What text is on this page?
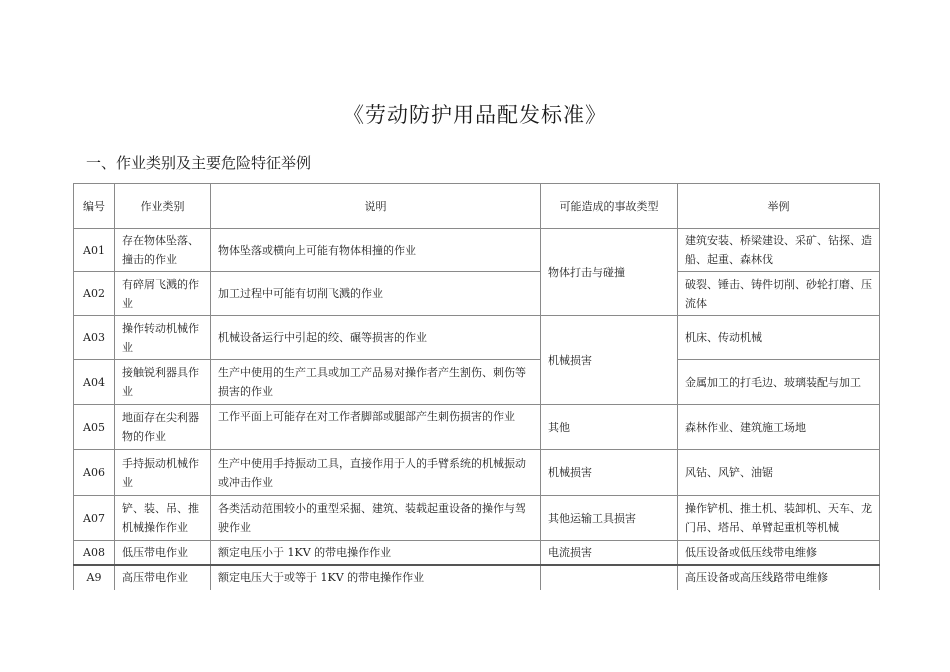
《劳动防护用品配发标准》
一、作业类别及主要危险特征举例
编号	作业类别	说明	可能造成的事故类型	举例
A01	存在物体坠落、撞击的作业	物体坠落或横向上可能有物体相撞的作业	物体打击与碰撞	建筑安装、桥梁建设、采矿、钻探、造船、起重、森林伐
A02	有碎屑飞溅的作业	加工过程中可能有切削飞溅的作业		破裂、锤击、铸件切削、砂轮打磨、压流体
A03	操作转动机械作业	机械设备运行中引起的绞、碾等损害的作业	机械损害	机床、传动机械
A04	接触锐利器具作业	生产中使用的生产工具或加工产品易对操作者产生割伤、刺伤等损害的作业		金属加工的打毛边、玻璃装配与加工
A05	地面存在尖利器物的作业	工作平面上可能存在对工作者脚部或腿部产生刺伤损害的作业	其他	森林作业、建筑施工场地
A06	手持振动机械作业	生产中使用手持振动工具，直接作用于人的手臂系统的机械振动或冲击作业	机械损害	风钻、风铲、油锯
A07	铲、装、吊、推机械操作作业	各类活动范围较小的重型采掘、建筑、装载起重设备的操作与驾驶作业	其他运输工具损害	操作铲机、推土机、装卸机、天车、龙门吊、塔吊、单臂起重机等机械
A08	低压带电作业	额定电压小于 1KV 的带电操作作业	电流损害	低压设备或低压线带电维修
A9	高压带电作业	额定电压大于或等于 1KV 的带电操作作业		高压设备或高压线路带电维修
